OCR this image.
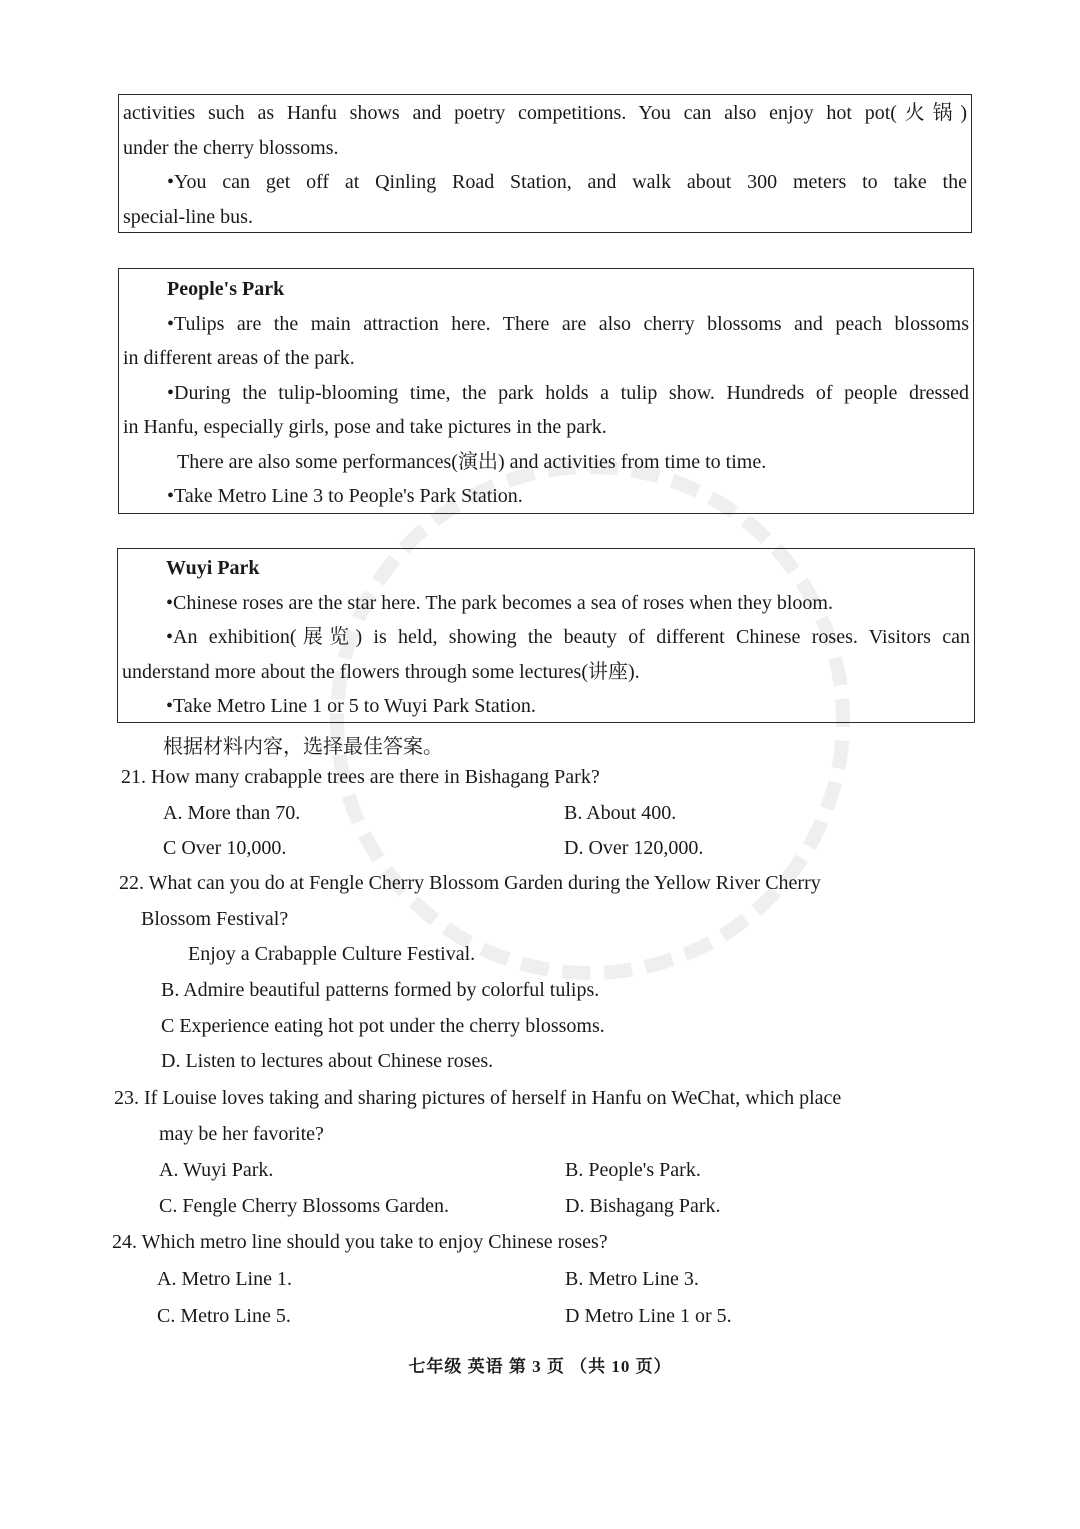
activities such as Hanfu shows and poetry competitions. You can also enjoy hot pot(火锅)

under the cherry blossoms.

•You can get off at Qinling Road Station, and walk about 300 meters to take the

special-line bus.

People's Park

•Tulips are the main attraction here. There are also cherry blossoms and peach blossoms

in different areas of the park.

•During the tulip-blooming time, the park holds a tulip show. Hundreds of people dressed

in Hanfu, especially girls, pose and take pictures in the park.

There are also some performances(演出) and activities from time to time.

•Take Metro Line 3 to People's Park Station.

Wuyi Park

•Chinese roses are the star here. The park becomes a sea of roses when they bloom.

•An exhibition(展览) is held, showing the beauty of different Chinese roses. Visitors can

understand more about the flowers through some lectures(讲座).

•Take Metro Line 1 or 5 to Wuyi Park Station.

根据材料内容，选择最佳答案。
21. How many crabapple trees are there in Bishagang Park?
A. More than 70.	B. About 400.
C Over 10,000.	D. Over 120,000.
22. What can you do at Fengle Cherry Blossom Garden during the Yellow River Cherry
Blossom Festival?
Enjoy a Crabapple Culture Festival.
B. Admire beautiful patterns formed by colorful tulips.
C Experience eating hot pot under the cherry blossoms.
D. Listen to lectures about Chinese roses.
23. If Louise loves taking and sharing pictures of herself in Hanfu on WeChat, which place
may be her favorite?
A. Wuyi Park.	B. People's Park.
C. Fengle Cherry Blossoms Garden.	D. Bishagang Park.
24. Which metro line should you take to enjoy Chinese roses?
A. Metro Line 1.	B. Metro Line 3.
C. Metro Line 5.	D Metro Line 1 or 5.
七年级 英语 第 3 页 （共 10 页）
